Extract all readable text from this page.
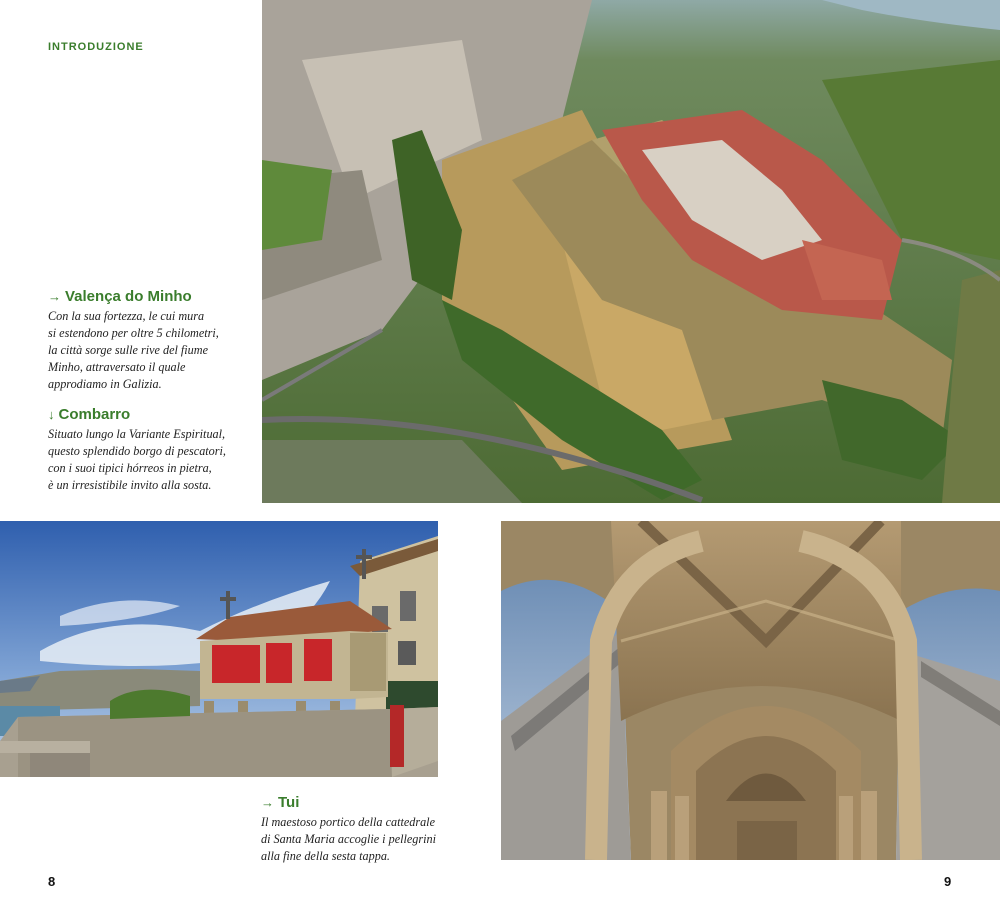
INTRODUZIONE
→ Valença do Minho

Con la sua fortezza, le cui mura
si estendono per oltre 5 chilometri,
la città sorge sulle rive del fiume
Minho, attraversato il quale
approdiamo in Galizia.

↓ Combarro

Situato lungo la Variante Espiritual,
questo splendido borgo di pescatori,
con i suoi tipici hórreos in pietra,
è un irresistibile invito alla sosta.

→ Tui

Il maestoso portico della cattedrale
di Santa Maria accoglie i pellegrini
alla fine della sesta tappa.

8	9
